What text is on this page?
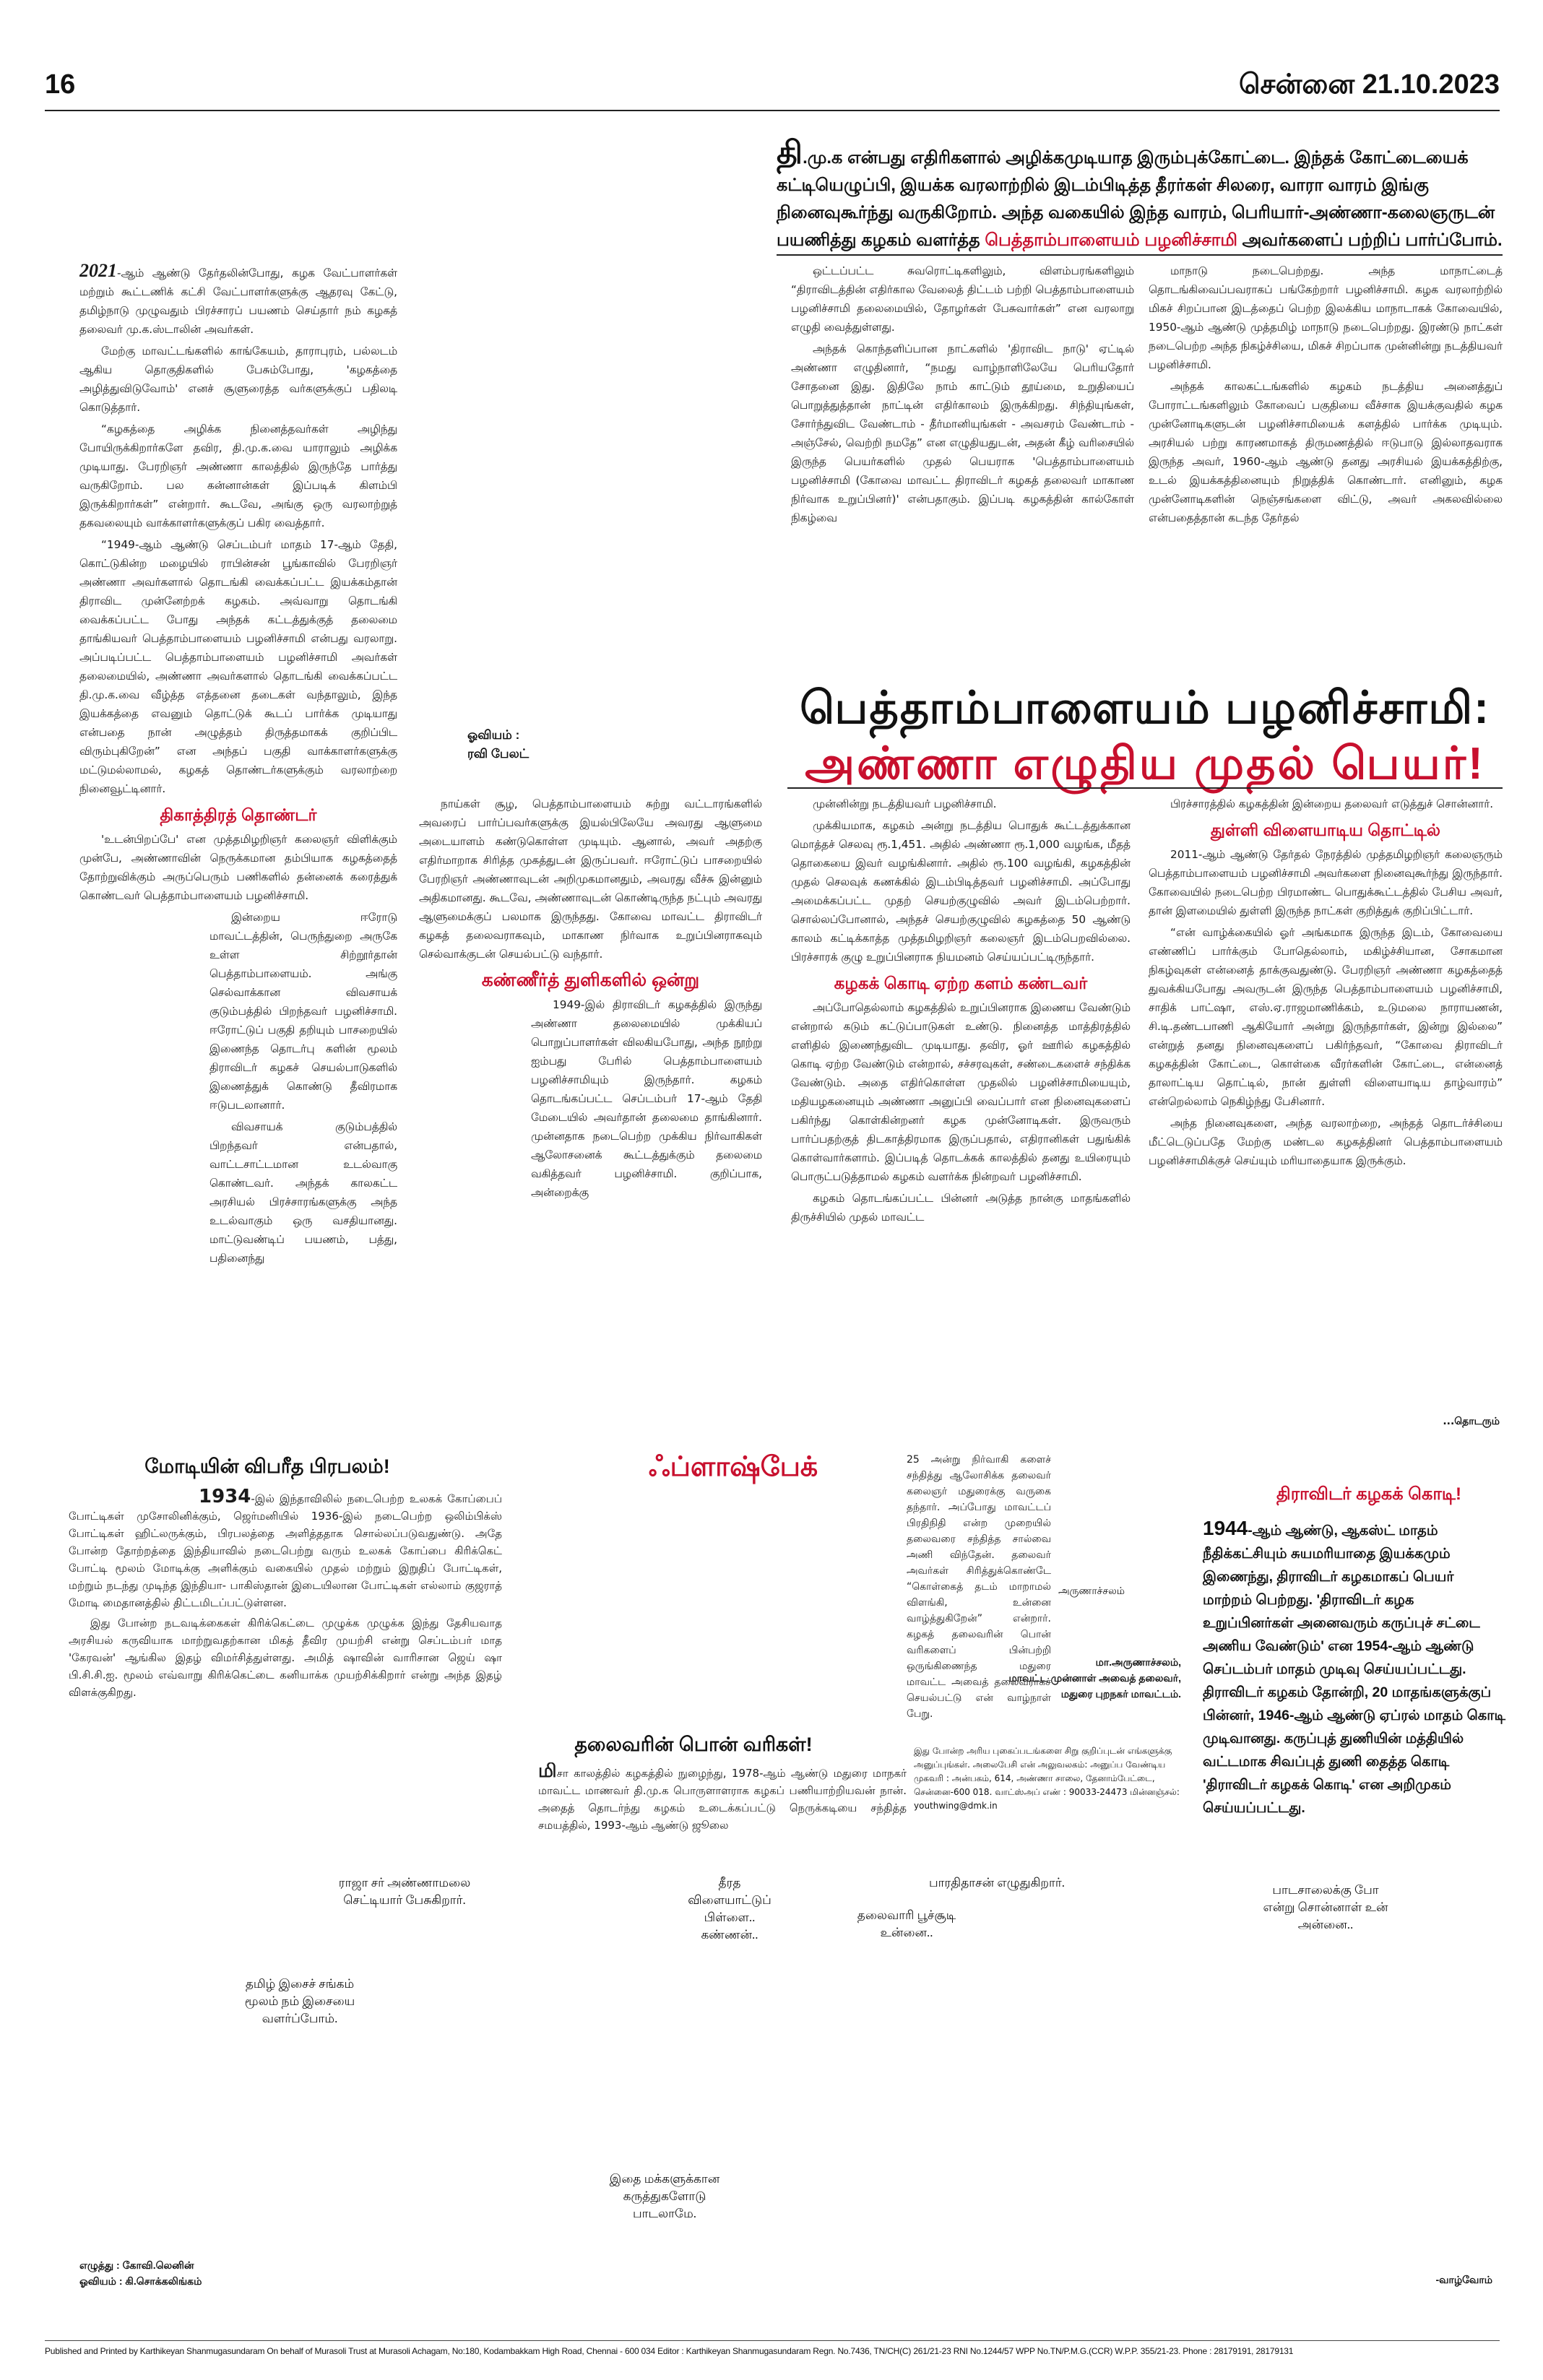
16	சென்னை 21.10.2023
தி.மு.க என்பது எதிரிகளால் அழிக்கமுடியாத இரும்புக்கோட்டை. இந்தக் கோட்டையைக் கட்டியெழுப்பி, இயக்க வரலாற்றில் இடம்பிடித்த தீரர்கள் சிலரை, வாரா வாரம் இங்கு நினைவுகூர்ந்து வருகிறோம். அந்த வகையில் இந்த வாரம், பெரியார்-அண்ணா-கலைஞருடன் பயணித்து கழகம் வளர்த்த பெத்தாம்பாளையம் பழனிச்சாமி அவர்களைப் பற்றிப் பார்ப்போம்.

2021-ஆம் ஆண்டு தேர்தலின்போது, கழக வேட்பாளர்கள் மற்றும் கூட்டணிக் கட்சி வேட்பாளர்களுக்கு ஆதரவு கேட்டு, தமிழ்நாடு முழுவதும் பிரச்சாரப் பயணம் செய்தார் நம் கழகத் தலைவர் மு.க.ஸ்டாலின் அவர்கள்.

மேற்கு மாவட்டங்களில் காங்கேயம், தாராபுரம், பல்லடம் ஆகிய தொகுதிகளில் பேசும்போது, 'கழகத்தை அழித்துவிடுவோம்' எனச் சூளுரைத்த வர்களுக்குப் பதிலடி கொடுத்தார்.

“கழகத்தை அழிக்க நினைத்தவர்கள் அழிந்து போயிருக்கிறார்களே தவிர, தி.மு.க.வை யாராலும் அழிக்க முடியாது. பேரறிஞர் அண்ணா காலத்தில் இருந்தே பார்த்து வருகிறோம். பல கன்னான்கள் இப்படிக் கிளம்பி இருக்கிறார்கள்” என்றார். கூடவே, அங்கு ஒரு வரலாற்றுத் தகவலையும் வாக்காளர்களுக்குப் பகிர வைத்தார்.

“1949-ஆம் ஆண்டு செப்டம்பர் மாதம் 17-ஆம் தேதி, கொட்டுகின்ற மழையில் ராபின்சன் பூங்காவில் பேரறிஞர் அண்ணா அவர்களால் தொடங்கி வைக்கப்பட்ட இயக்கம்தான் திராவிட முன்னேற்றக் கழகம். அவ்வாறு தொடங்கி வைக்கப்பட்ட போது அந்தக் கட்டத்துக்குத் தலைமை தாங்கியவர் பெத்தாம்பாளையம் பழனிச்சாமி என்பது வரலாறு. அப்படிப்பட்ட பெத்தாம்பாளையம் பழனிச்சாமி அவர்கள் தலைமையில், அண்ணா அவர்களால் தொடங்கி வைக்கப்பட்ட தி.மு.க.வை வீழ்த்த எத்தனை தடைகள் வந்தாலும், இந்த இயக்கத்தை எவனும் தொட்டுக் கூடப் பார்க்க முடியாது என்பதை நான் அழுத்தம் திருத்தமாகக் குறிப்பிட விரும்புகிறேன்” என அந்தப் பகுதி வாக்காளர்களுக்கு மட்டுமல்லாமல், கழகத் தொண்டர்களுக்கும் வரலாற்றை நினைவூட்டினார்.

திகாத்திரத் தொண்டர்

'உடன்பிறப்பே' என முத்தமிழறிஞர் கலைஞர் விளிக்கும் முன்பே, அண்ணாவின் நெருக்கமான தம்பியாக கழகத்தைத் தோற்றுவிக்கும் அருப்பெரும் பணிகளில் தன்னைக் கரைத்துக் கொண்டவர் பெத்தாம்பாளையம் பழனிச்சாமி.

இன்றைய ஈரோடு மாவட்டத்தின், பெருந்துறை அருகே உள்ள சிற்றூர்தான் பெத்தாம்பாளையம். அங்கு செல்வாக்கான விவசாயக் குடும்பத்தில் பிறந்தவர் பழனிச்சாமி. ஈரோட்டுப் பகுதி தறியும் பாசறையில் இணைந்த தொடர்பு களின் மூலம் திராவிடர் கழகச் செயல்பாடுகளில் இணைத்துக் கொண்டு தீவிரமாக ஈடுபடலானார்.

விவசாயக் குடும்பத்தில் பிறந்தவர் என்பதால், வாட்டசாட்டமான உடல்வாகு கொண்டவர். அந்தக் காலகட்ட அரசியல் பிரச்சாரங்களுக்கு அந்த உடல்வாகும் ஒரு வசதியானது. மாட்டுவண்டிப் பயணம், பத்து, பதினைந்து

ஓவியம் :
ரவி பேலட்

நாய்கள் சூழ, பெத்தாம்பாளையம் சுற்று வட்டாரங்களில் அவரைப் பார்ப்பவர்களுக்கு இயல்பிலேயே அவரது ஆளுமை அடையாளம் கண்டுகொள்ள முடியும். ஆனால், அவர் அதற்கு எதிர்மாறாக சிரித்த முகத்துடன் இருப்பவர். ஈரோட்டுப் பாசறையில் பேரறிஞர் அண்ணாவுடன் அறிமுகமானதும், அவரது வீச்சு இன்னும் அதிகமானது. கூடவே, அண்ணாவுடன் கொண்டிருந்த நட்பும் அவரது ஆளுமைக்குப் பலமாக இருந்தது. கோவை மாவட்ட திராவிடர் கழகத் தலைவராகவும், மாகாண நிர்வாக உறுப்பினராகவும் செல்வாக்குடன் செயல்பட்டு வந்தார்.

கண்ணீர்த் துளிகளில் ஒன்று

1949-இல் திராவிடர் கழகத்தில் இருந்து அண்ணா தலைமையில் முக்கியப் பொறுப்பாளர்கள் விலகியபோது, அந்த நூற்று ஐம்பது பேரில் பெத்தாம்பாளையம் பழனிச்சாமியும் இருந்தார். கழகம் தொடங்கப்பட்ட செப்டம்பர் 17-ஆம் தேதி மேடையில் அவர்தான் தலைமை தாங்கினார். முன்னதாக நடைபெற்ற முக்கிய நிர்வாகிகள் ஆலோசனைக் கூட்டத்துக்கும் தலைமை வகித்தவர் பழனிச்சாமி. குறிப்பாக, அன்றைக்கு

ஒட்டப்பட்ட சுவரொட்டிகளிலும், விளம்பரங்களிலும் “திராவிடத்தின் எதிர்கால வேலைத் திட்டம் பற்றி பெத்தாம்பாளையம் பழனிச்சாமி தலைமையில், தோழர்கள் பேசுவார்கள்” என வரலாறு எழுதி வைத்துள்ளது.

அந்தக் கொந்தளிப்பான நாட்களில் 'திராவிட நாடு' ஏட்டில் அண்ணா எழுதினார், “நமது வாழ்நாளிலேயே பெரியதோர் சோதனை இது. இதிலே நாம் காட்டும் தூய்மை, உறுதியைப் பொறுத்துத்தான் நாட்டின் எதிர்காலம் இருக்கிறது. சிந்தியுங்கள், சோர்ந்துவிட வேண்டாம் - தீர்மானியுங்கள் - அவசரம் வேண்டாம் - அஞ்சேல், வெற்றி நமதே” என எழுதியதுடன், அதன் கீழ் வரிசையில் இருந்த பெயர்களில் முதல் பெயராக 'பெத்தாம்பாளையம் பழனிச்சாமி (கோவை மாவட்ட திராவிடர் கழகத் தலைவர் மாகாண நிர்வாக உறுப்பினர்)' என்பதாகும். இப்படி கழகத்தின் கால்கோள் நிகழ்வை

மாநாடு நடைபெற்றது. அந்த மாநாட்டைத் தொடங்கிவைப்பவராகப் பங்கேற்றார் பழனிச்சாமி. கழக வரலாற்றில் மிகச் சிறப்பான இடத்தைப் பெற்ற இலக்கிய மாநாடாகக் கோவையில், 1950-ஆம் ஆண்டு முத்தமிழ் மாநாடு நடைபெற்றது. இரண்டு நாட்கள் நடைபெற்ற அந்த நிகழ்ச்சியை, மிகச் சிறப்பாக முன்னின்று நடத்தியவர் பழனிச்சாமி.

அந்தக் காலகட்டங்களில் கழகம் நடத்திய அனைத்துப் போராட்டங்களிலும் கோவைப் பகுதியை வீச்சாக இயக்குவதில் கழக முன்னோடிகளுடன் பழனிச்சாமியைக் களத்தில் பார்க்க முடியும். அரசியல் பற்று காரணமாகத் திருமணத்தில் ஈடுபாடு இல்லாதவராக இருந்த அவர், 1960-ஆம் ஆண்டு தனது அரசியல் இயக்கத்திற்கு, உடல் இயக்கத்தினையும் நிறுத்திக் கொண்டார். எனினும், கழக முன்னோடிகளின் நெஞ்சங்களை விட்டு, அவர் அகலவில்லை என்பதைத்தான் கடந்த தேர்தல்

பெத்தாம்பாளையம் பழனிச்சாமி:
அண்ணா எழுதிய முதல் பெயர்!

முன்னின்று நடத்தியவர் பழனிச்சாமி.

முக்கியமாக, கழகம் அன்று நடத்திய பொதுக் கூட்டத்துக்கான மொத்தச் செலவு ரூ.1,451. அதில் அண்ணா ரூ.1,000 வழங்க, மீதத் தொகையை இவர் வழங்கினார். அதில் ரூ.100 வழங்கி, கழகத்தின் முதல் செலவுக் கணக்கில் இடம்பிடித்தவர் பழனிச்சாமி. அப்போது அமைக்கப்பட்ட முதற் செயற்குழுவில் அவர் இடம்பெற்றார். சொல்லப்போனால், அந்தச் செயற்குழுவில் கழகத்தை 50 ஆண்டு காலம் கட்டிக்காத்த முத்தமிழறிஞர் கலைஞர் இடம்பெறவில்லை. பிரச்சாரக் குழு உறுப்பினராக நியமனம் செய்யப்பட்டிருந்தார்.

கழகக் கொடி ஏற்ற களம் கண்டவர்

அப்போதெல்லாம் கழகத்தில் உறுப்பினராக இணைய வேண்டும் என்றால் கடும் கட்டுப்பாடுகள் உண்டு. நினைத்த மாத்திரத்தில் எளிதில் இணைந்துவிட முடியாது. தவிர, ஓர் ஊரில் கழகத்தில் கொடி ஏற்ற வேண்டும் என்றால், சச்சரவுகள், சண்டைகளைச் சந்திக்க வேண்டும். அதை எதிர்கொள்ள முதலில் பழனிச்சாமியையும், மதியழகனையும் அண்ணா அனுப்பி வைப்பார் என நினைவுகளைப் பகிர்ந்து கொள்கின்றனர் கழக முன்னோடிகள். இருவரும் பார்ப்பதற்குத் திடகாத்திரமாக இருப்பதால், எதிரானிகள் பதுங்கிக் கொள்வார்களாம். இப்படித் தொடக்கக் காலத்தில் தனது உயிரையும் பொருட்படுத்தாமல் கழகம் வளர்க்க நின்றவர் பழனிச்சாமி.

கழகம் தொடங்கப்பட்ட பின்னர் அடுத்த நான்கு மாதங்களில் திருச்சியில் முதல் மாவட்ட

பிரச்சாரத்தில் கழகத்தின் இன்றைய தலைவர் எடுத்துச் சொன்னார்.

துள்ளி விளையாடிய தொட்டில்

2011-ஆம் ஆண்டு தேர்தல் நேரத்தில் முத்தமிழறிஞர் கலைஞரும் பெத்தாம்பாளையம் பழனிச்சாமி அவர்களை நினைவுகூர்ந்து இருந்தார். கோவையில் நடைபெற்ற பிரமாண்ட பொதுக்கூட்டத்தில் பேசிய அவர், தான் இளமையில் துள்ளி இருந்த நாட்கள் குறித்துக் குறிப்பிட்டார்.

“என் வாழ்க்கையில் ஓர் அங்கமாக இருந்த இடம், கோவையை எண்ணிப் பார்க்கும் போதெல்லாம், மகிழ்ச்சியான, சோகமான நிகழ்வுகள் என்னைத் தாக்குவதுண்டு. பேரறிஞர் அண்ணா கழகத்தைத் துவக்கியபோது அவருடன் இருந்த பெத்தாம்பாளையம் பழனிச்சாமி, சாதிக் பாட்ஷா, எஸ்.ஏ.ராஜமாணிக்கம், உடுமலை நாராயணன், சி.டி.தண்டபாணி ஆகியோர் அன்று இருந்தார்கள், இன்று இல்லை” என்றுத் தனது நினைவுகளைப் பகிர்ந்தவர், “கோவை திராவிடர் கழகத்தின் கோட்டை, கொள்கை வீரர்களின் கோட்டை, என்னைத் தாலாட்டிய தொட்டில், நான் துள்ளி விளையாடிய தாழ்வாரம்” என்றெல்லாம் நெகிழ்ந்து பேசினார்.

அந்த நினைவுகளை, அந்த வரலாற்றை, அந்தத் தொடர்ச்சியை மீட்டெடுப்பதே மேற்கு மண்டல கழகத்தினர் பெத்தாம்பாளையம் பழனிச்சாமிக்குச் செய்யும் மரியாதையாக இருக்கும்.

...தொடரும்
மோடியின் விபரீத பிரபலம்!

1934-இல் இந்தாவிலில் நடைபெற்ற உலகக் கோப்பைப் போட்டிகள் முசோலினிக்கும், ஜெர்மனியில் 1936-இல் நடைபெற்ற ஒலிம்பிக்ஸ் போட்டிகள் ஹிட்லருக்கும், பிரபலத்தை அளித்ததாக சொல்லப்படுவதுண்டு. அதே போன்ற தோற்றத்தை இந்தியாவில் நடைபெற்று வரும் உலகக் கோப்பை கிரிக்கெட் போட்டி மூலம் மோடிக்கு அளிக்கும் வகையில் முதல் மற்றும் இறுதிப் போட்டிகள், மற்றும் நடந்து முடிந்த இந்தியா- பாகிஸ்தான் இடையிலான போட்டிகள் எல்லாம் குஜராத் மோடி மைதானத்தில் திட்டமிடப்பட்டுள்ளன.

இது போன்ற நடவடிக்கைகள் கிரிக்கெட்டை முழுக்க முழுக்க இந்து தேசியவாத அரசியல் கருவியாக மாற்றுவதற்கான மிகத் தீவிர முயற்சி என்று செப்டம்பர் மாத 'கேரவன்' ஆங்கில இதழ் விமர்சித்துள்ளது. அமித் ஷாவின் வாரிசான ஜெய் ஷா பி.சி.சி.ஐ. மூலம் எவ்வாறு கிரிக்கெட்டை கனியாக்க முயற்சிக்கிறார் என்று அந்த இதழ் விளக்குகிறது.

ஃப்ளாஷ்பேக்	25 அன்று நிர்வாகி களைச் சந்தித்து ஆலோசிக்க தலைவர் கலைஞர் மதுரைக்கு வருகை தந்தார். அப்போது மாவட்டப் பிரதிநிதி என்ற முறையில் தலைவரை சந்தித்த சால்வை அணி விந்தேன். தலைவர் அவர்கள் சிரித்துக்கொண்டே “கொள்கைத் தடம் மாறாமல் விளங்கி, உன்னை வாழ்த்துகிறேன்” என்றார். கழகத் தலைவரின் பொன் வரிகளைப் பின்பற்றி ஒருங்கிணைந்த மதுரை மாவட்ட அவைத் தலைவராகச் செயல்பட்டு என் வாழ்நாள் பேறு.

அருணாச்சலம்
மா.அருணாச்சலம்,
மாவட்ட முன்னாள் அவைத் தலைவர்,
மதுரை புறநகர் மாவட்டம்.
இது போன்ற அரிய புகைப்படங்களை சிறு குறிப்புடன் எங்களுக்கு அனுப்புங்கள். அலைபேசி என் அலுவலகம்: அனுப்ப வேண்டிய முகவரி : அன்பகம், 614, அண்ணா சாலை, தேனாம்பேட்டை, சென்னை-600 018. வாட்ஸ்அப் எண் : 90033-24473 மின்னஞ்சல்: youthwing@dmk.in
தலைவரின் பொன் வரிகள்!

மிசா காலத்தில் கழகத்தில் நுழைந்து, 1978-ஆம் ஆண்டு மதுரை மாநகர் மாவட்ட மாணவர் தி.மு.க பொருளாளராக கழகப் பணியாற்றியவன் நான். அதைத் தொடர்ந்து கழகம் உடைக்கப்பட்டு நெருக்கடியை சந்தித்த சமயத்தில், 1993-ஆம் ஆண்டு ஜூலை

திராவிடர் கழகக் கொடி!
1944-ஆம் ஆண்டு, ஆகஸ்ட் மாதம் நீதிக்கட்சியும் சுயமரியாதை இயக்கமும் இணைந்து, திராவிடர் கழகமாகப் பெயர் மாற்றம் பெற்றது. 'திராவிடர் கழக உறுப்பினர்கள் அனைவரும் கருப்புச் சட்டை அணிய வேண்டும்' என 1954-ஆம் ஆண்டு செப்டம்பர் மாதம் முடிவு செய்யப்பட்டது. திராவிடர் கழகம் தோன்றி, 20 மாதங்களுக்குப் பின்னர், 1946-ஆம் ஆண்டு ஏப்ரல் மாதம் கொடி முடிவானது. கருப்புத் துணியின் மத்தியில் வட்டமாக சிவப்புத் துணி தைத்த கொடி 'திராவிடர் கழகக் கொடி' என அறிமுகம் செய்யப்பட்டது.
ராஜா சர் அண்ணாமலை செட்டியார் பேசுகிறார்.
தமிழ் இசைச் சங்கம் மூலம் நம் இசையை வளர்ப்போம்.
தீரத விளையாட்டுப் பிள்ளை.. கண்ணன்..
பாரதிதாசன் எழுதுகிறார்.
தலைவாரி பூச்சூடி உன்னை..
பாடசாலைக்கு போ என்று சொன்னாள் உன் அன்னை..
இதை மக்களுக்கான கருத்துகளோடு பாடலாமே.
எழுத்து : கோவி.லெனின்
ஓவியம் : கி.சொக்கலிங்கம்	-வாழ்வோம்
Published and Printed by Karthikeyan Shanmugasundaram On behalf of Murasoli Trust at Murasoli Achagam, No:180, Kodambakkam High Road, Chennai - 600 034 Editor : Karthikeyan Shanmugasundaram Regn. No.7436, TN/CH(C) 261/21-23 RNI No.1244/57 WPP No.TN/P.M.G.(CCR) W.P.P. 355/21-23. Phone : 28179191, 28179131
